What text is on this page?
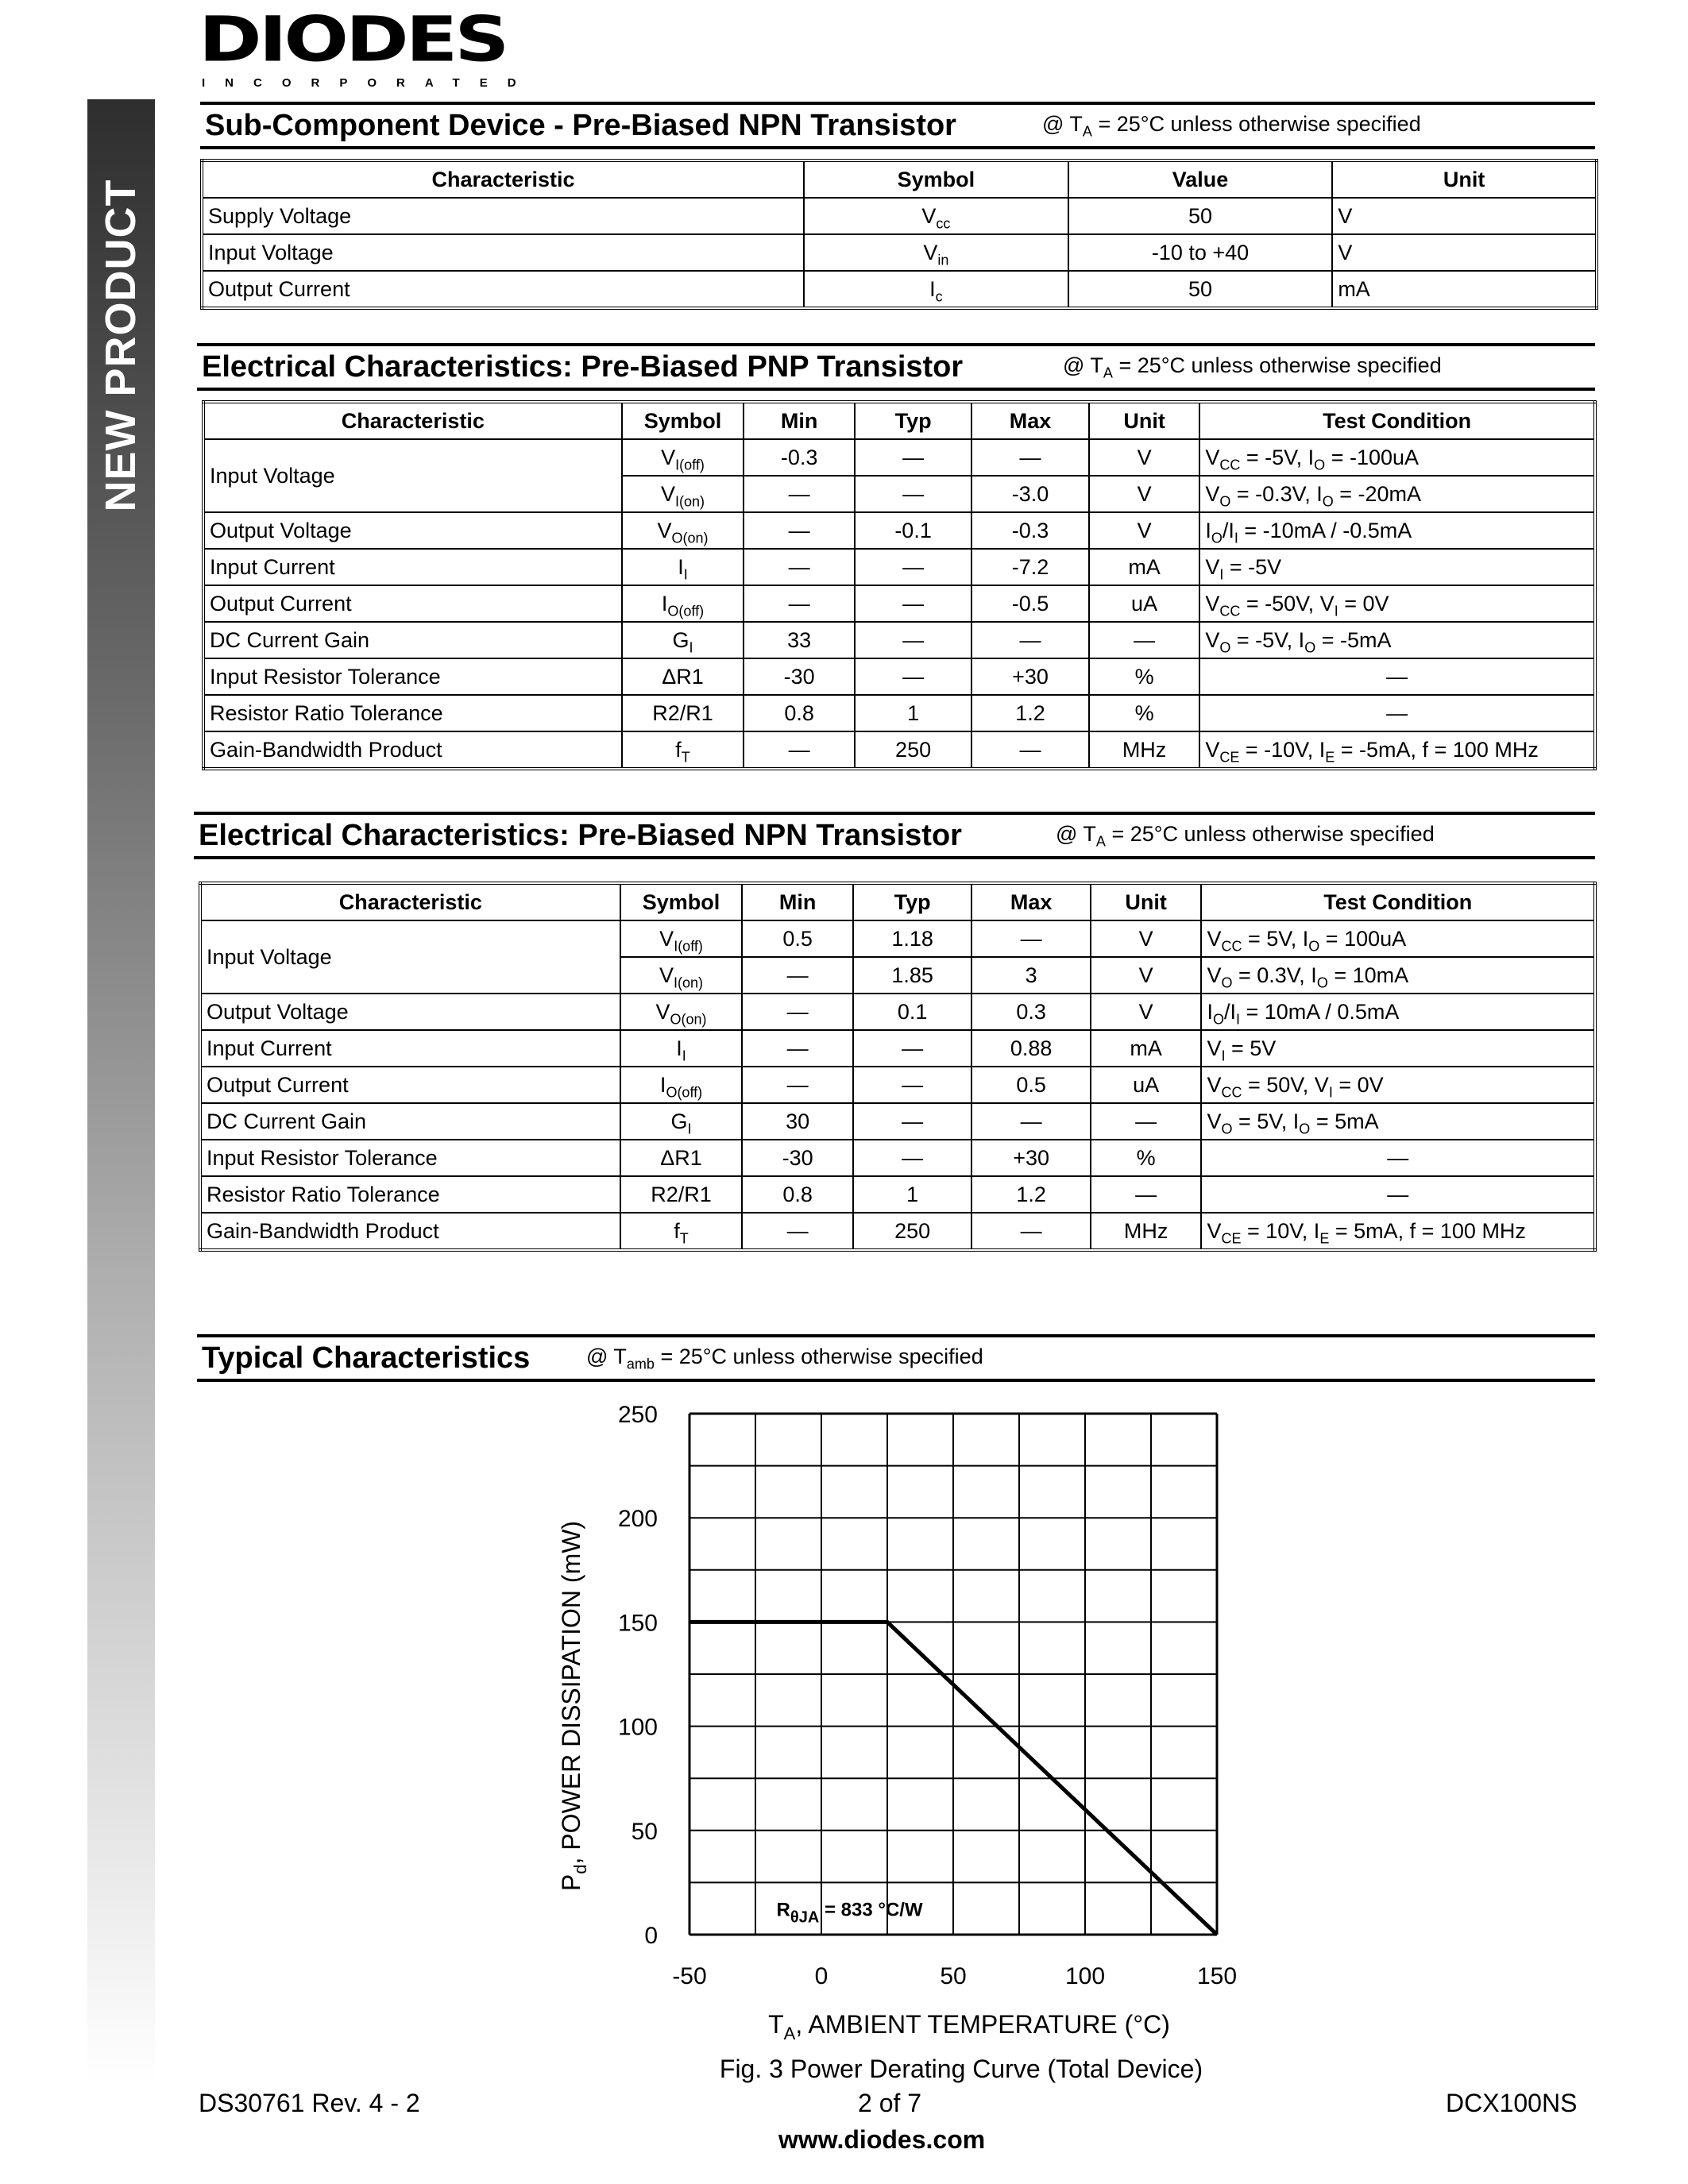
DIODES
INCORPORATED
NEW PRODUCT
Sub-Component Device - Pre-Biased NPN Transistor	@ $T_A = 25^\circ C$ unless otherwise specified
Characteristic	Symbol	Value	Unit
Supply Voltage	$V_{cc}$	50	V
Input Voltage	$V_{in}$	-10 to +40	V
Output Current	$I_c$	50	mA
Electrical Characteristics: Pre-Biased PNP Transistor	@ $T_A = 25^\circ C$ unless otherwise specified
Characteristic	Symbol	Min	Typ	Max	Unit	Test Condition
Input Voltage	$V_{I(off)}$	-0.3	—	—	V	$V_{CC} = -5V$, $I_O = -100uA$
	$V_{I(on)}$	—	—	-3.0	V	$V_O = -0.3V$, $I_O = -20mA$
Output Voltage	$V_{O(on)}$	—	-0.1	-0.3	V	$I_O/I_I = -10mA / -0.5mA$
Input Current	$I_I$	—	—	-7.2	mA	$V_I = -5V$
Output Current	$I_{O(off)}$	—	—	-0.5	uA	$V_{CC} = -50V$, $V_I = 0V$
DC Current Gain	$G_I$	33	—	—	—	$V_O = -5V$, $I_O = -5mA$
Input Resistor Tolerance	ΔR1	-30	—	+30	%	—
Resistor Ratio Tolerance	R2/R1	0.8	1	1.2	%	—
Gain-Bandwidth Product	$f_T$	—	250	—	MHz	$V_{CE} = -10V$, $I_E = -5mA$, f = 100 MHz
Electrical Characteristics: Pre-Biased NPN Transistor	@ $T_A = 25^\circ C$ unless otherwise specified
Characteristic	Symbol	Min	Typ	Max	Unit	Test Condition
Input Voltage	$V_{I(off)}$	0.5	1.18	—	V	$V_{CC} = 5V$, $I_O = 100uA$
	$V_{I(on)}$	—	1.85	3	V	$V_O = 0.3V$, $I_O = 10mA$
Output Voltage	$V_{O(on)}$	—	0.1	0.3	V	$I_O/I_I = 10mA / 0.5mA$
Input Current	$I_I$	—	—	0.88	mA	$V_I = 5V$
Output Current	$I_{O(off)}$	—	—	0.5	uA	$V_{CC} = 50V$, $V_I = 0V$
DC Current Gain	$G_I$	30	—	—	—	$V_O = 5V$, $I_O = 5mA$
Input Resistor Tolerance	ΔR1	-30	—	+30	%	—
Resistor Ratio Tolerance	R2/R1	0.8	1	1.2	—	—
Gain-Bandwidth Product	$f_T$	—	250	—	MHz	$V_{CE} = 10V$, $I_E = 5mA$, f = 100 MHz
Typical Characteristics	@ $T_{amb} = 25^\circ C$ unless otherwise specified
0
50
100
150
200
250
-50	0	50	100	150
$R_{\theta JA} = 833$ °C/W
$T_A$, AMBIENT TEMPERATURE (°C)
$P_d$, POWER DISSIPATION (mW)
Fig. 3 Power Derating Curve (Total Device)
DS30761 Rev. 4 - 2	2 of 7	DCX100NS
www.diodes.com
